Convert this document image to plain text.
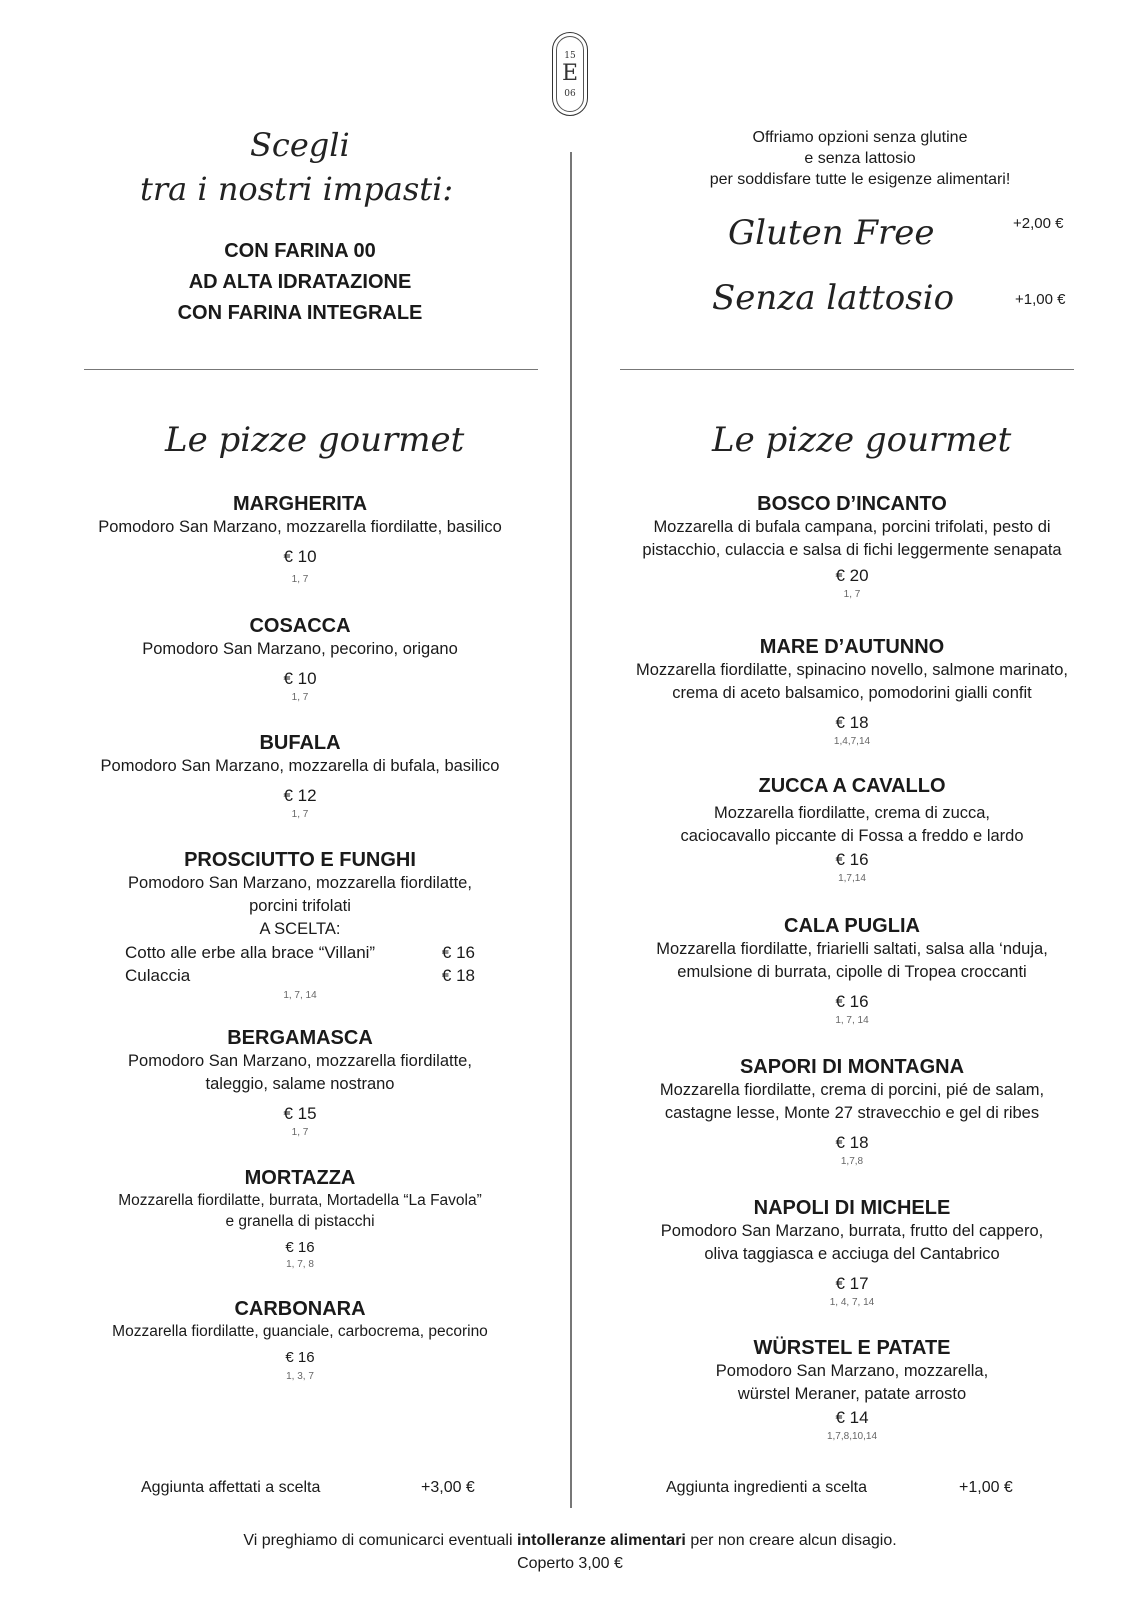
15
E
06
Scegli
tra i nostri impasti:
CON FARINA 00
AD ALTA IDRATAZIONE
CON FARINA INTEGRALE
Offriamo opzioni senza glutine
e senza lattosio
per soddisfare tutte le esigenze alimentari!
Gluten Free	+2,00 €
Senza lattosio	+1,00 €
Le pizze gourmet	Le pizze gourmet
MARGHERITA
Pomodoro San Marzano, mozzarella fiordilatte, basilico
€ 10
1, 7
COSACCA
Pomodoro San Marzano, pecorino, origano
€ 10
1, 7
BUFALA
Pomodoro San Marzano, mozzarella di bufala, basilico
€ 12
1, 7
PROSCIUTTO E FUNGHI
Pomodoro San Marzano, mozzarella fiordilatte,
porcini trifolati
A SCELTA:
Cotto alle erbe alla brace “Villani”	€ 16
Culaccia	€ 18
1, 7, 14
BERGAMASCA
Pomodoro San Marzano, mozzarella fiordilatte,
taleggio, salame nostrano
€ 15
1, 7
MORTAZZA
Mozzarella fiordilatte, burrata, Mortadella “La Favola”
e granella di pistacchi
€ 16
1, 7, 8
CARBONARA
Mozzarella fiordilatte, guanciale, carbocrema, pecorino
€ 16
1, 3, 7
BOSCO D’INCANTO
Mozzarella di bufala campana, porcini trifolati, pesto di
pistacchio, culaccia e salsa di fichi leggermente senapata
€ 20
1, 7
MARE D’AUTUNNO
Mozzarella fiordilatte, spinacino novello, salmone marinato,
crema di aceto balsamico, pomodorini gialli confit
€ 18
1,4,7,14
ZUCCA A CAVALLO
Mozzarella fiordilatte, crema di zucca,
caciocavallo piccante di Fossa a freddo e lardo
€ 16
1,7,14
CALA PUGLIA
Mozzarella fiordilatte, friarielli saltati, salsa alla ‘nduja,
emulsione di burrata, cipolle di Tropea croccanti
€ 16
1, 7, 14
SAPORI DI MONTAGNA
Mozzarella fiordilatte, crema di porcini, pié de salam,
castagne lesse, Monte 27 stravecchio e gel di ribes
€ 18
1,7,8
NAPOLI DI MICHELE
Pomodoro San Marzano, burrata, frutto del cappero,
oliva taggiasca e acciuga del Cantabrico
€ 17
1, 4, 7, 14
WÜRSTEL E PATATE
Pomodoro San Marzano, mozzarella,
würstel Meraner, patate arrosto
€ 14
1,7,8,10,14
Aggiunta affettati a scelta	+3,00 €	Aggiunta ingredienti a scelta	+1,00 €
Vi preghiamo di comunicarci eventuali intolleranze alimentari per non creare alcun disagio.
Coperto 3,00 €
